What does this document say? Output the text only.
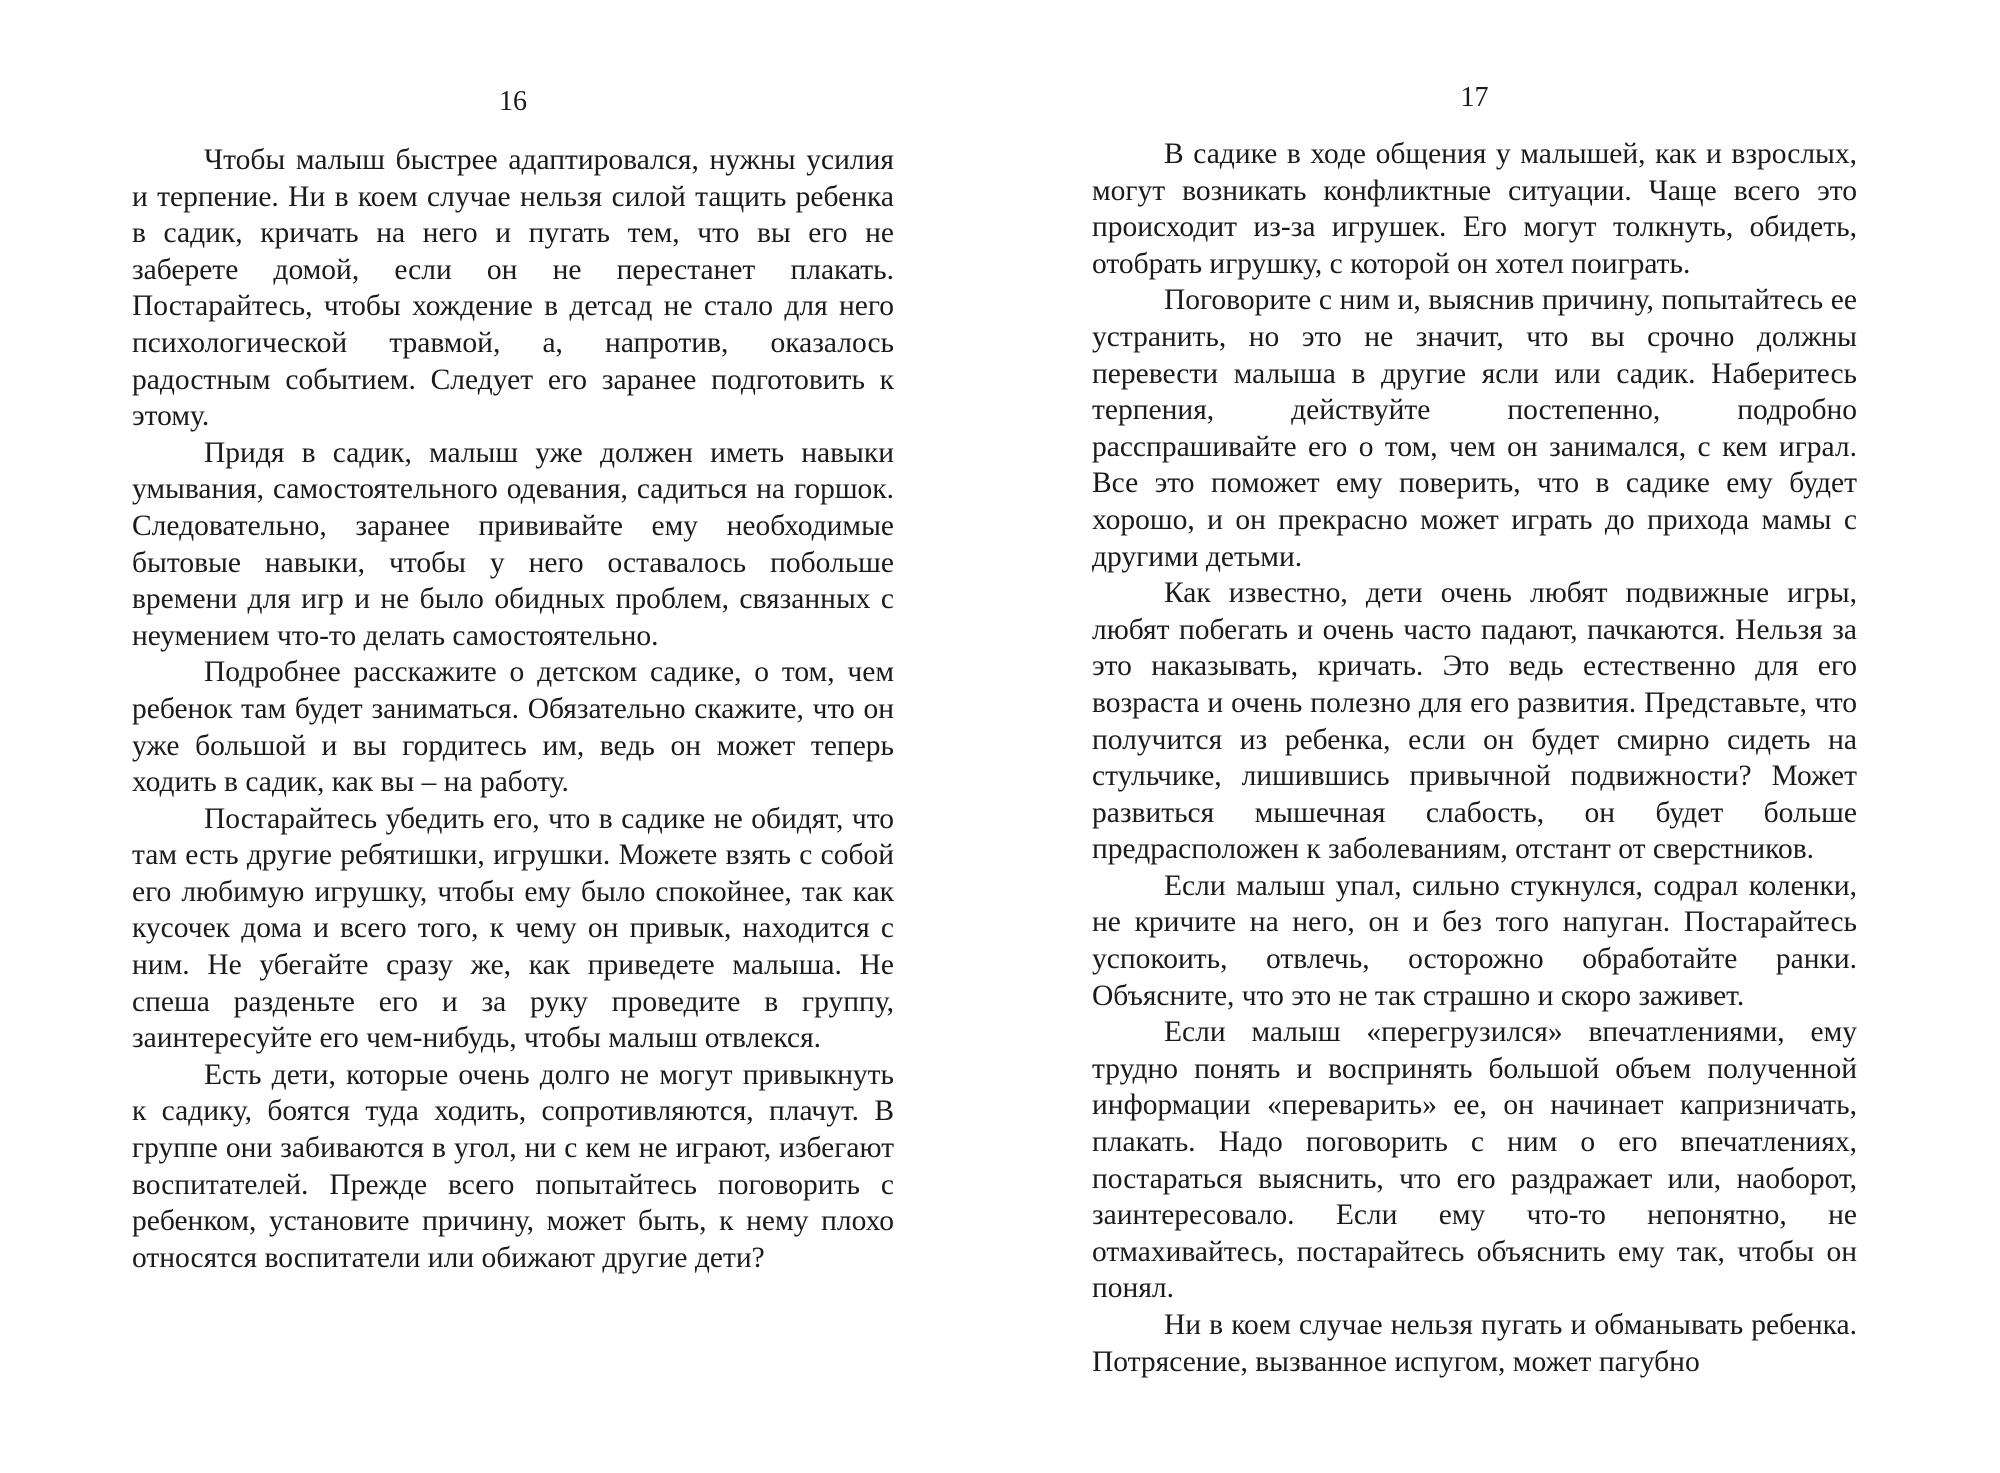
16

Чтобы малыш быстрее адаптировался, нужны усилия и терпение. Ни в коем случае нельзя силой тащить ребенка в садик, кричать на него и пугать тем, что вы его не заберете домой, если он не перестанет плакать. Постарайтесь, чтобы хождение в детсад не стало для него психологической травмой, а, напротив, оказалось радостным событием. Следует его заранее подготовить к этому.

Придя в садик, малыш уже должен иметь навыки умывания, самостоятельного одевания, садиться на горшок. Следовательно, заранее прививайте ему необходимые бытовые навыки, чтобы у него оставалось побольше времени для игр и не было обидных проблем, связанных с неумением что-то делать самостоятельно.

Подробнее расскажите о детском садике, о том, чем ребенок там будет заниматься. Обязательно скажите, что он уже большой и вы гордитесь им, ведь он может теперь ходить в садик, как вы – на работу.

Постарайтесь убедить его, что в садике не обидят, что там есть другие ребятишки, игрушки. Можете взять с собой его любимую игрушку, чтобы ему было спокойнее, так как кусочек дома и всего того, к чему он привык, находится с ним. Не убегайте сразу же, как приведете малыша. Не спеша разденьте его и за руку проведите в группу, заинтересуйте его чем-нибудь, чтобы малыш отвлекся.

Есть дети, которые очень долго не могут привыкнуть к садику, боятся туда ходить, сопротивляются, плачут. В группе они забиваются в угол, ни с кем не играют, избегают воспитателей. Прежде всего попытайтесь поговорить с ребенком, установите причину, может быть, к нему плохо относятся воспитатели или обижают другие дети?

17

В садике в ходе общения у малышей, как и взрослых, могут возникать конфликтные ситуации. Чаще всего это происходит из-за игрушек. Его могут толкнуть, обидеть, отобрать игрушку, с которой он хотел поиграть.

Поговорите с ним и, выяснив причину, попытайтесь ее устранить, но это не значит, что вы срочно должны перевести малыша в другие ясли или садик. Наберитесь терпения, действуйте постепенно, подробно расспрашивайте его о том, чем он занимался, с кем играл. Все это поможет ему поверить, что в садике ему будет хорошо, и он прекрасно может играть до прихода мамы с другими детьми.

Как известно, дети очень любят подвижные игры, любят побегать и очень часто падают, пачкаются. Нельзя за это наказывать, кричать. Это ведь естественно для его возраста и очень полезно для его развития. Представьте, что получится из ребенка, если он будет смирно сидеть на стульчике, лишившись привычной подвижности? Может развиться мышечная слабость, он будет больше предрасположен к заболеваниям, отстант от сверстников.

Если малыш упал, сильно стукнулся, содрал коленки, не кричите на него, он и без того напуган. Постарайтесь успокоить, отвлечь, осторожно обработайте ранки. Объясните, что это не так страшно и скоро заживет.

Если малыш «перегрузился» впечатлениями, ему трудно понять и воспринять большой объем полученной информации «переварить» ее, он начинает капризничать, плакать. Надо поговорить с ним о его впечатлениях, постараться выяснить, что его раздражает или, наоборот, заинтересовало. Если ему что-то непонятно, не отмахивайтесь, постарайтесь объяснить ему так, чтобы он понял.

Ни в коем случае нельзя пугать и обманывать ребенка. Потрясение, вызванное испугом, может пагубно
